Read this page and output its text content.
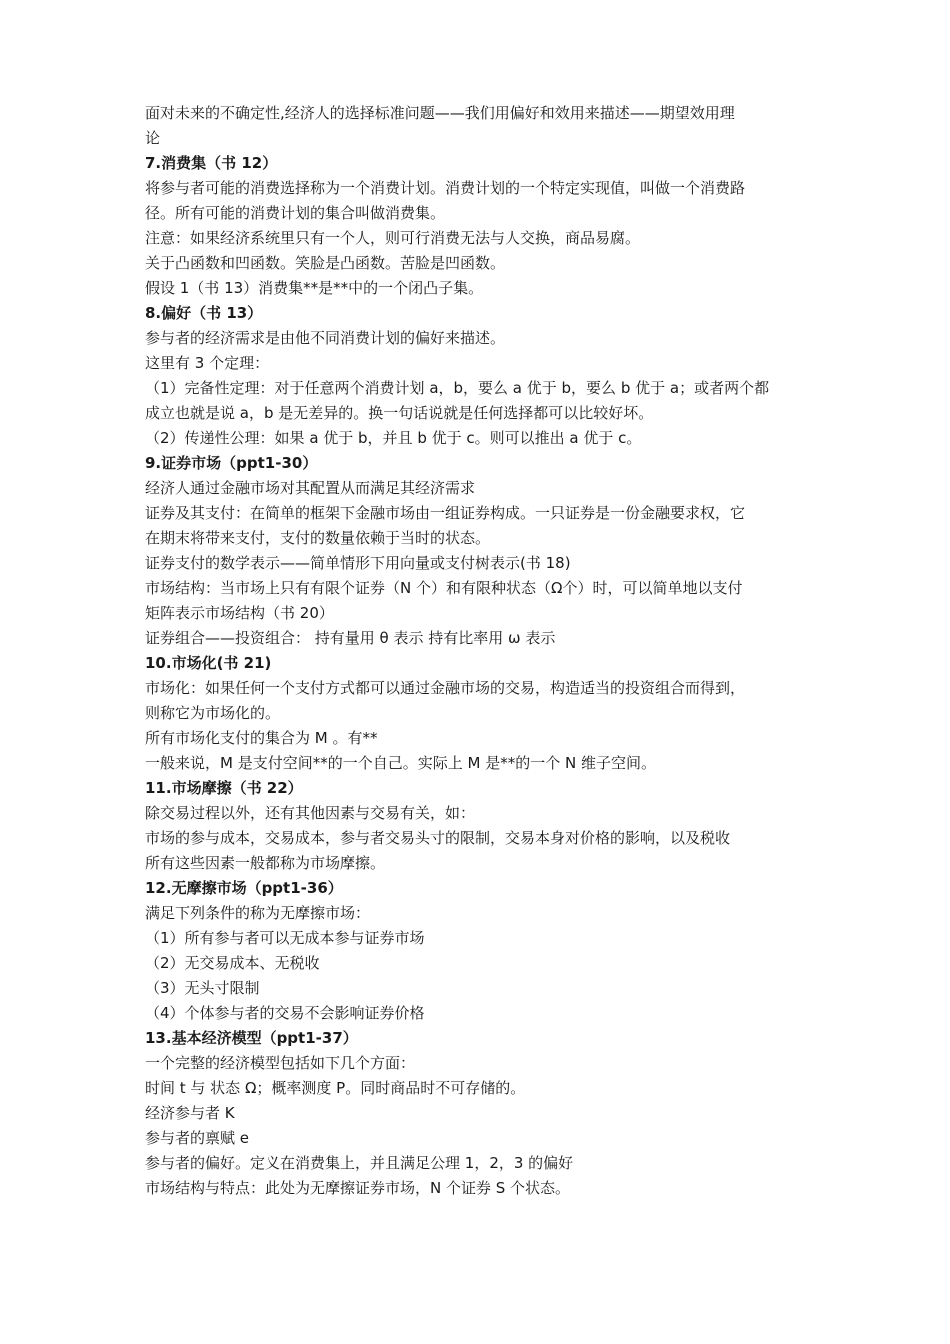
面对未来的不确定性,经济人的选择标准问题——我们用偏好和效用来描述——期望效用理
论
7.消费集（书 12）
将参与者可能的消费选择称为一个消费计划。消费计划的一个特定实现值，叫做一个消费路
径。所有可能的消费计划的集合叫做消费集。
注意：如果经济系统里只有一个人，则可行消费无法与人交换，商品易腐。
关于凸函数和凹函数。笑脸是凸函数。苦脸是凹函数。
假设 1（书 13）消费集**是**中的一个闭凸子集。
8.偏好（书 13）
参与者的经济需求是由他不同消费计划的偏好来描述。
这里有 3 个定理：
（1）完备性定理：对于任意两个消费计划 a，b，要么 a 优于 b，要么 b 优于 a；或者两个都
成立也就是说 a，b 是无差异的。换一句话说就是任何选择都可以比较好坏。
（2）传递性公理：如果 a 优于 b，并且 b 优于 c。则可以推出 a 优于 c。
9.证券市场（ppt1-30）
经济人通过金融市场对其配置从而满足其经济需求
证券及其支付：在简单的框架下金融市场由一组证券构成。一只证券是一份金融要求权，它
在期末将带来支付，支付的数量依赖于当时的状态。
证券支付的数学表示——简单情形下用向量或支付树表示(书 18)
市场结构：当市场上只有有限个证券（N 个）和有限种状态（Ω个）时，可以简单地以支付
矩阵表示市场结构（书 20）
证券组合——投资组合： 持有量用 θ 表示 持有比率用 ω 表示
10.市场化(书 21)
市场化：如果任何一个支付方式都可以通过金融市场的交易，构造适当的投资组合而得到，
则称它为市场化的。
所有市场化支付的集合为 M 。有**
一般来说，M 是支付空间**的一个自己。实际上 M 是**的一个 N 维子空间。
11.市场摩擦（书 22）
除交易过程以外，还有其他因素与交易有关，如：
市场的参与成本，交易成本，参与者交易头寸的限制，交易本身对价格的影响，以及税收
所有这些因素一般都称为市场摩擦。
12.无摩擦市场（ppt1-36）
满足下列条件的称为无摩擦市场：
（1）所有参与者可以无成本参与证券市场
（2）无交易成本、无税收
（3）无头寸限制
（4）个体参与者的交易不会影响证券价格
13.基本经济模型（ppt1-37）
一个完整的经济模型包括如下几个方面：
时间 t 与 状态 Ω；概率测度 P。同时商品时不可存储的。
经济参与者 K
参与者的禀赋 e
参与者的偏好。定义在消费集上，并且满足公理 1，2，3 的偏好
市场结构与特点：此处为无摩擦证券市场，N 个证券 S 个状态。
